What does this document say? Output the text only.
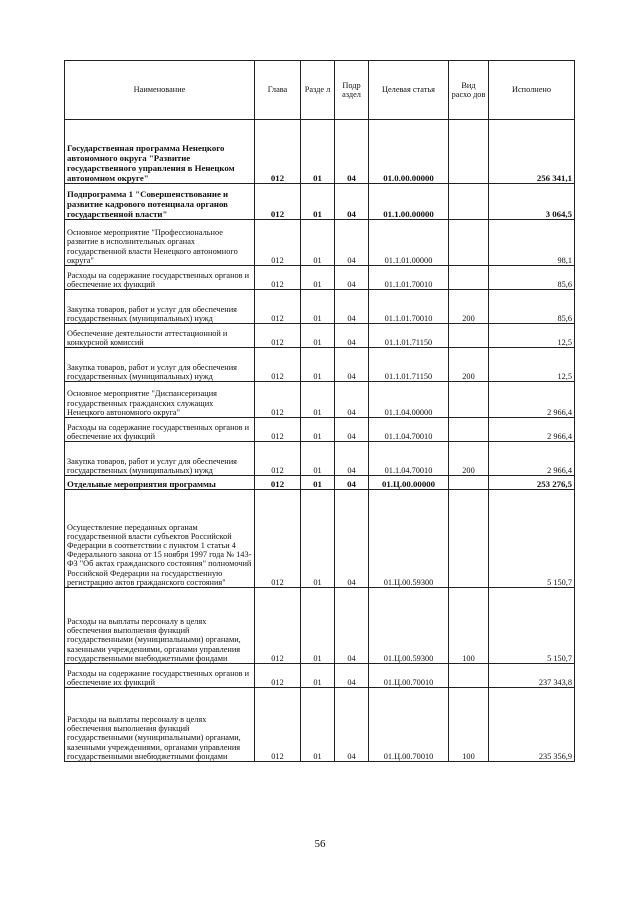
Наименование	Глава	Разде л	Подр аздел	Целевая статья	Вид расхо дов	Исполнено
Государственная программа Ненецкого автономного округа "Развитие государственного управления в Ненецком автономном округе"	012	01	04	01.0.00.00000		256 341,1
Подпрограмма 1 "Совершенствование и развитие кадрового потенциала органов государственной власти"	012	01	04	01.1.00.00000		3 064,5
Основное мероприятие "Профессиональное развитие в исполнительных органах государственной власти Ненецкого автономного округа"	012	01	04	01.1.01.00000		98,1
Расходы на содержание государственных органов и обеспечение их функций	012	01	04	01.1.01.70010		85,6
Закупка товаров, работ и услуг для обеспечения государственных (муниципальных) нужд	012	01	04	01.1.01.70010	200	85,6
Обеспечение деятельности аттестационной и конкурсной комиссий	012	01	04	01.1.01.71150		12,5
Закупка товаров, работ и услуг для обеспечения государственных (муниципальных) нужд	012	01	04	01.1.01.71150	200	12,5
Основное мероприятие "Диспансеризация государственных гражданских служащих Ненецкого автономного округа"	012	01	04	01.1.04.00000		2 966,4
Расходы на содержание государственных органов и обеспечение их функций	012	01	04	01.1.04.70010		2 966,4
Закупка товаров, работ и услуг для обеспечения государственных (муниципальных) нужд	012	01	04	01.1.04.70010	200	2 966,4
Отдельные мероприятия программы	012	01	04	01.Ц.00.00000		253 276,5
Осуществление переданных органам государственной власти субъектов Российской Федерации в соответствии с пунктом 1 статьи 4 Федерального закона от 15 ноября 1997 года № 143-ФЗ "Об актах гражданского состояния" полномочий Российской Федерации на государственную регистрацию актов гражданского состояния"	012	01	04	01.Ц.00.59300		5 150,7
Расходы на выплаты персоналу в целях обеспечения выполнения функций государственными (муниципальными) органами, казенными учреждениями, органами управления государственными внебюджетными фондами	012	01	04	01.Ц.00.59300	100	5 150,7
Расходы на содержание государственных органов и обеспечение их функций	012	01	04	01.Ц.00.70010		237 343,8
Расходы на выплаты персоналу в целях обеспечения выполнения функций государственными (муниципальными) органами, казенными учреждениями, органами управления государственными внебюджетными фондами	012	01	04	01.Ц.00.70010	100	235 356,9
56
